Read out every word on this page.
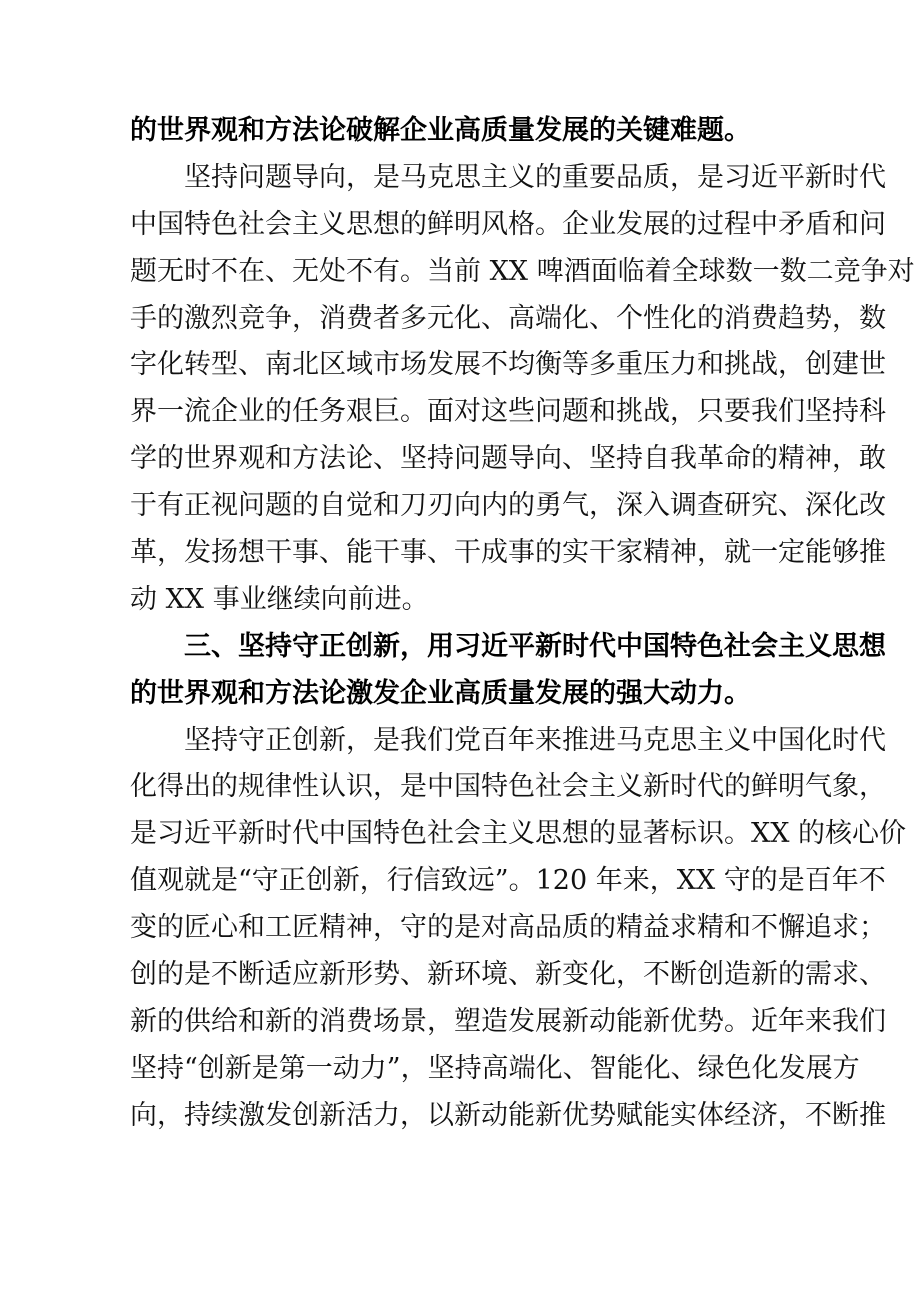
的世界观和方法论破解企业高质量发展的关键难题。
坚持问题导向，是马克思主义的重要品质，是习近平新时代
中国特色社会主义思想的鲜明风格。企业发展的过程中矛盾和问
题无时不在、无处不有。当前 XX 啤酒面临着全球数一数二竞争对
手的激烈竞争，消费者多元化、高端化、个性化的消费趋势，数
字化转型、南北区域市场发展不均衡等多重压力和挑战，创建世
界一流企业的任务艰巨。面对这些问题和挑战，只要我们坚持科
学的世界观和方法论、坚持问题导向、坚持自我革命的精神，敢
于有正视问题的自觉和刀刃向内的勇气，深入调查研究、深化改
革，发扬想干事、能干事、干成事的实干家精神，就一定能够推
动 XX 事业继续向前进。
三、坚持守正创新，用习近平新时代中国特色社会主义思想
的世界观和方法论激发企业高质量发展的强大动力。
坚持守正创新，是我们党百年来推进马克思主义中国化时代
化得出的规律性认识，是中国特色社会主义新时代的鲜明气象，
是习近平新时代中国特色社会主义思想的显著标识。XX 的核心价
值观就是“守正创新，行信致远”。120 年来，XX 守的是百年不
变的匠心和工匠精神，守的是对高品质的精益求精和不懈追求；
创的是不断适应新形势、新环境、新变化，不断创造新的需求、
新的供给和新的消费场景，塑造发展新动能新优势。近年来我们
坚持“创新是第一动力”，坚持高端化、智能化、绿色化发展方
向，持续激发创新活力，以新动能新优势赋能实体经济，不断推
